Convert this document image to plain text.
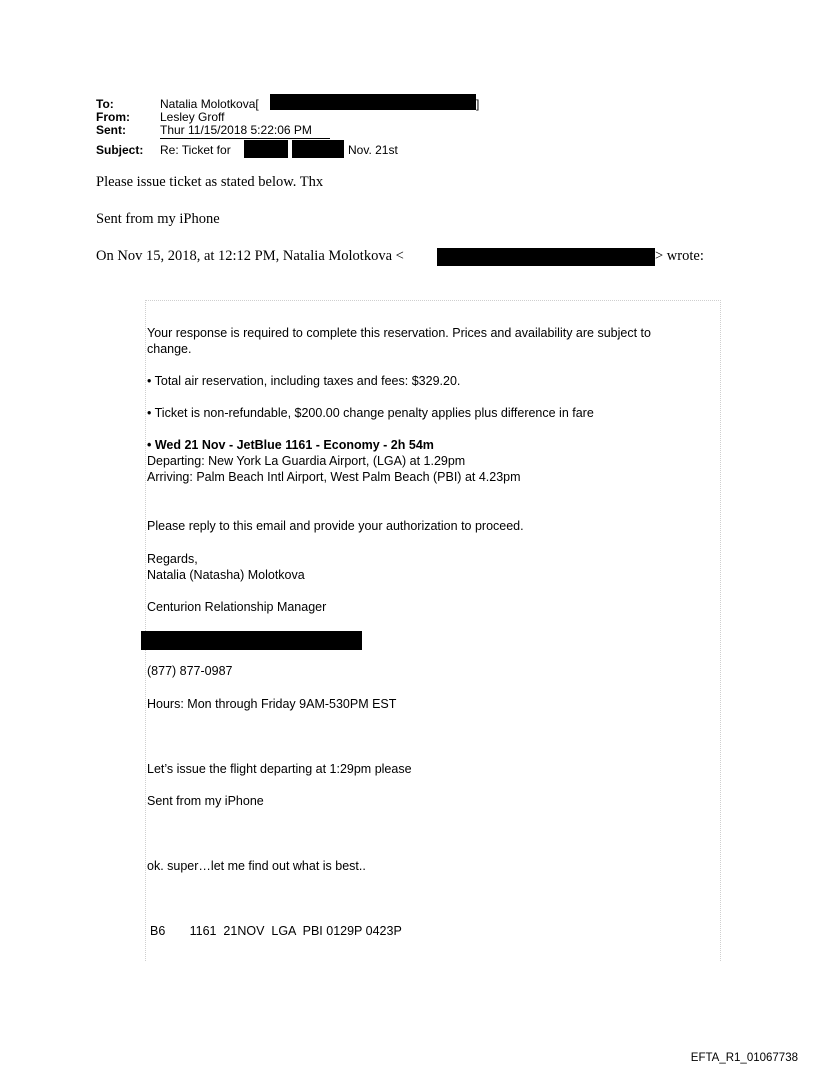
To:	Natalia Molotkova[	]
From:	Lesley Groff
Sent:	Thur 11/15/2018 5:22:06 PM
Subject: Re: Ticket for	Nov. 21st
Please issue ticket as stated below. Thx
Sent from my iPhone
On Nov 15, 2018, at 12:12 PM, Natalia Molotkova <	> wrote:
Your response is required to complete this reservation. Prices and availability are subject to
change.
• Total air reservation, including taxes and fees: $329.20.
• Ticket is non-refundable, $200.00 change penalty applies plus difference in fare
• Wed 21 Nov - JetBlue 1161 - Economy - 2h 54m
Departing: New York La Guardia Airport, (LGA) at 1.29pm
Arriving: Palm Beach Intl Airport, West Palm Beach (PBI) at 4.23pm
Please reply to this email and provide your authorization to proceed.
Regards,
Natalia (Natasha) Molotkova
Centurion Relationship Manager
(877) 877-0987
Hours: Mon through Friday 9AM-530PM EST
Let’s issue the flight departing at 1:29pm please
Sent from my iPhone
ok. super…let me find out what is best..
B6       1161  21NOV  LGA  PBI 0129P 0423P
EFTA_R1_01067738
